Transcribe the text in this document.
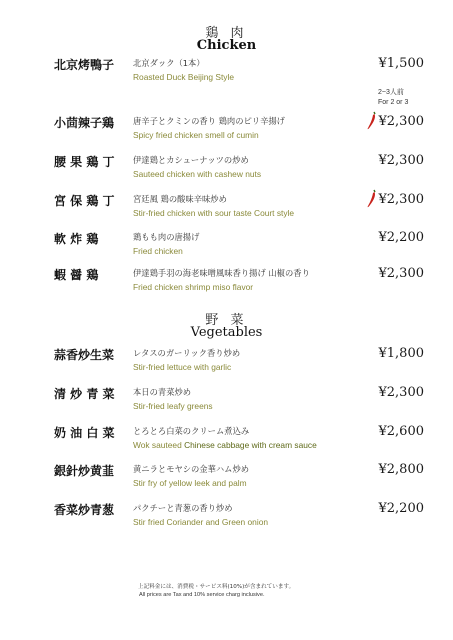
鶏 肉
Chicken
北京烤鴨子	北京ダック（1本）
Roasted Duck Beijing Style
¥1,500
2~3人前
For 2 or 3
小茴辣子鶏	唐辛子とクミンの香り 鶏肉のピリ辛揚げ
Spicy fried chicken smell of cumin
¥2,300
腰 果 鶏 丁	伊達鶏とカシューナッツの炒め
Sauteed chicken with cashew nuts
¥2,300
宮 保 鶏 丁	宮廷風 鶏の酸味辛味炒め
Stir-fried chicken with sour taste Court style
¥2,300
軟 炸 鶏	鶏もも肉の唐揚げ
Fried chicken
¥2,200
蝦 醤 鶏	伊達鶏手羽の海老味噌風味香り揚げ 山椒の香り
Fried chicken shrimp miso flavor
¥2,300
野 菜
Vegetables
蒜香炒生菜	レタスのガーリック香り炒め
Stir-fried lettuce with garlic
¥1,800
清 炒 青 菜	本日の青菜炒め
Stir-fried leafy greens
¥2,300
奶 油 白 菜	とろとろ白菜のクリーム煮込み
Wok sauteed Chinese cabbage with cream sauce
¥2,600
銀針炒黄韮	黄ニラとモヤシの金華ハム炒め
Stir fry of yellow leek and palm
¥2,800
香菜炒青葱	パクチーと青葱の香り炒め
Stir fried Coriander and Green onion
¥2,200
上記料金には、消費税・サービス料(10%)が含まれています。
All prices are Tax and 10% service charg inclusive.
